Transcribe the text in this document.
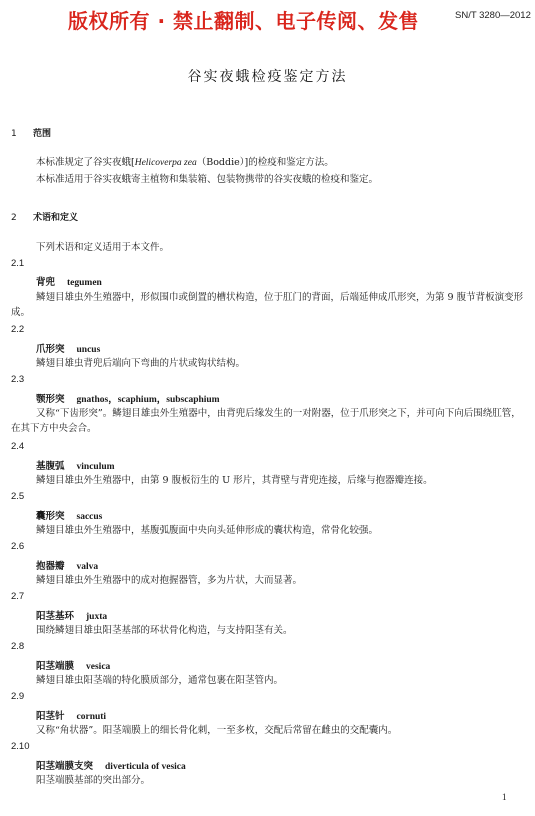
版权所有 · 禁止翻制、电子传阅、发售	SN/T 3280—2012
谷实夜蛾检疫鉴定方法
1 范围
本标准规定了谷实夜蛾[Helicoverpa zea（Boddie）]的检疫和鉴定方法。
本标准适用于谷实夜蛾寄主植物和集装箱、包装物携带的谷实夜蛾的检疫和鉴定。
2 术语和定义
下列术语和定义适用于本文件。
2.1
背兜 tegumen
鳞翅目雄虫外生殖器中，形似围巾或倒置的槽状构造，位于肛门的背面，后端延伸成爪形突，为第 9 腹节背板演变形成。
2.2
爪形突 uncus
鳞翅目雄虫背兜后端向下弯曲的片状或钩状结构。
2.3
颚形突 gnathos，scaphium，subscaphium
又称“下齿形突”。鳞翅目雄虫外生殖器中，由背兜后缘发生的一对附器，位于爪形突之下，并可向下向后围绕肛管，在其下方中央会合。
2.4
基腹弧 vinculum
鳞翅目雄虫外生殖器中，由第 9 腹板衍生的 U 形片，其背壁与背兜连接，后缘与抱器瓣连接。
2.5
囊形突 saccus
鳞翅目雄虫外生殖器中，基腹弧腹面中央向头延伸形成的囊状构造，常骨化较强。
2.6
抱器瓣 valva
鳞翅目雄虫外生殖器中的成对抱握器管，多为片状，大而显著。
2.7
阳茎基环 juxta
围绕鳞翅目雄虫阳茎基部的环状骨化构造，与支持阳茎有关。
2.8
阳茎端膜 vesica
鳞翅目雄虫阳茎端的特化膜质部分，通常包裹在阳茎管内。
2.9
阳茎针 cornuti
又称“角状器”。阳茎端膜上的细长骨化刺，一至多枚，交配后常留在雌虫的交配囊内。
2.10
阳茎端膜支突 diverticula of vesica
阳茎端膜基部的突出部分。
1
